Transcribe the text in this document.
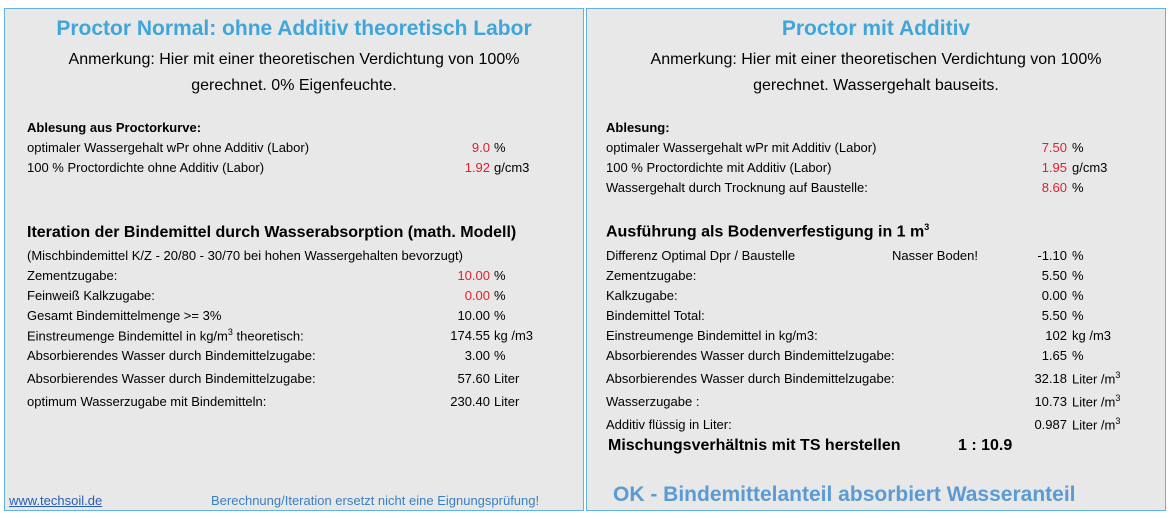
Proctor Normal: ohne Additiv theoretisch Labor
Anmerkung: Hier mit einer theoretischen Verdichtung von 100%
gerechnet. 0% Eigenfeuchte.
Ablesung aus Proctorkurve:
optimaler Wassergehalt wPr ohne Additiv (Labor)	9.0 %
100 % Proctordichte ohne Additiv (Labor)	1.92 g/cm3
Iteration der Bindemittel durch Wasserabsorption (math. Modell)
(Mischbindemittel K/Z - 20/80 - 30/70 bei hohen Wassergehalten bevorzugt)
Zementzugabe:	10.00 %
Feinweiß Kalkzugabe:	0.00 %
Gesamt Bindemittelmenge >= 3%	10.00 %
Einstreumenge Bindemittel in $kg/m^3$ theoretisch:	174.55 kg /m3
Absorbierendes Wasser durch Bindemittelzugabe:	3.00 %
Absorbierendes Wasser durch Bindemittelzugabe:	57.60 Liter
optimum Wasserzugabe mit Bindemitteln:	230.40 Liter
www.techsoil.de	Berechnung/Iteration ersetzt nicht eine Eignungsprüfung!
Proctor mit Additiv
Anmerkung: Hier mit einer theoretischen Verdichtung von 100%
gerechnet. Wassergehalt bauseits.
Ablesung:
optimaler Wassergehalt wPr mit Additiv (Labor)	7.50 %
100 % Proctordichte mit Additiv (Labor)	1.95 g/cm3
Wassergehalt durch Trocknung auf Baustelle:	8.60 %
Ausführung als Bodenverfestigung in 1 $m^3$
Differenz Optimal Dpr / Baustelle	Nasser Boden!	-1.10 %
Zementzugabe:	5.50 %
Kalkzugabe:	0.00 %
Bindemittel Total:	5.50 %
Einstreumenge Bindemittel in kg/m3:	102 kg /m3
Absorbierendes Wasser durch Bindemittelzugabe:	1.65 %
Absorbierendes Wasser durch Bindemittelzugabe:	32.18 Liter $/m^3$
Wasserzugabe :	10.73 Liter $/m^3$
Additiv flüssig in Liter:	0.987 Liter $/m^3$
Mischungsverhältnis mit TS herstellen	1 : 10.9
OK - Bindemittelanteil absorbiert Wasseranteil
